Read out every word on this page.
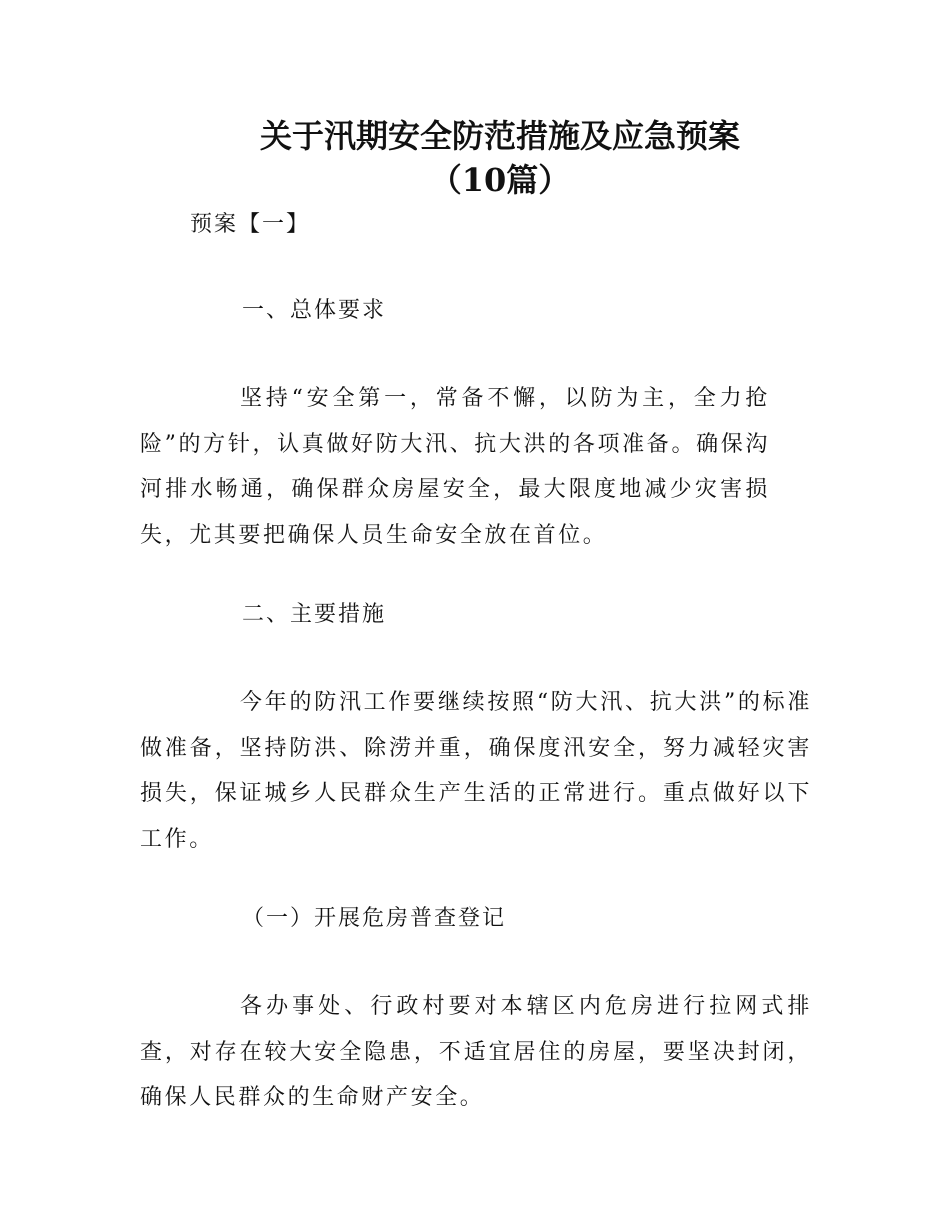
关于汛期安全防范措施及应急预案
（10篇）
预案【一】
一、总体要求
坚持“安全第一，常备不懈，以防为主，全力抢险”的方针，认真做好防大汛、抗大洪的各项准备。确保沟河排水畅通，确保群众房屋安全，最大限度地减少灾害损失，尤其要把确保人员生命安全放在首位。
二、主要措施
今年的防汛工作要继续按照“防大汛、抗大洪”的标准做准备，坚持防洪、除涝并重，确保度汛安全，努力减轻灾害损失，保证城乡人民群众生产生活的正常进行。重点做好以下工作。
（一）开展危房普查登记
各办事处、行政村要对本辖区内危房进行拉网式排查，对存在较大安全隐患，不适宜居住的房屋，要坚决封闭，确保人民群众的生命财产安全。
